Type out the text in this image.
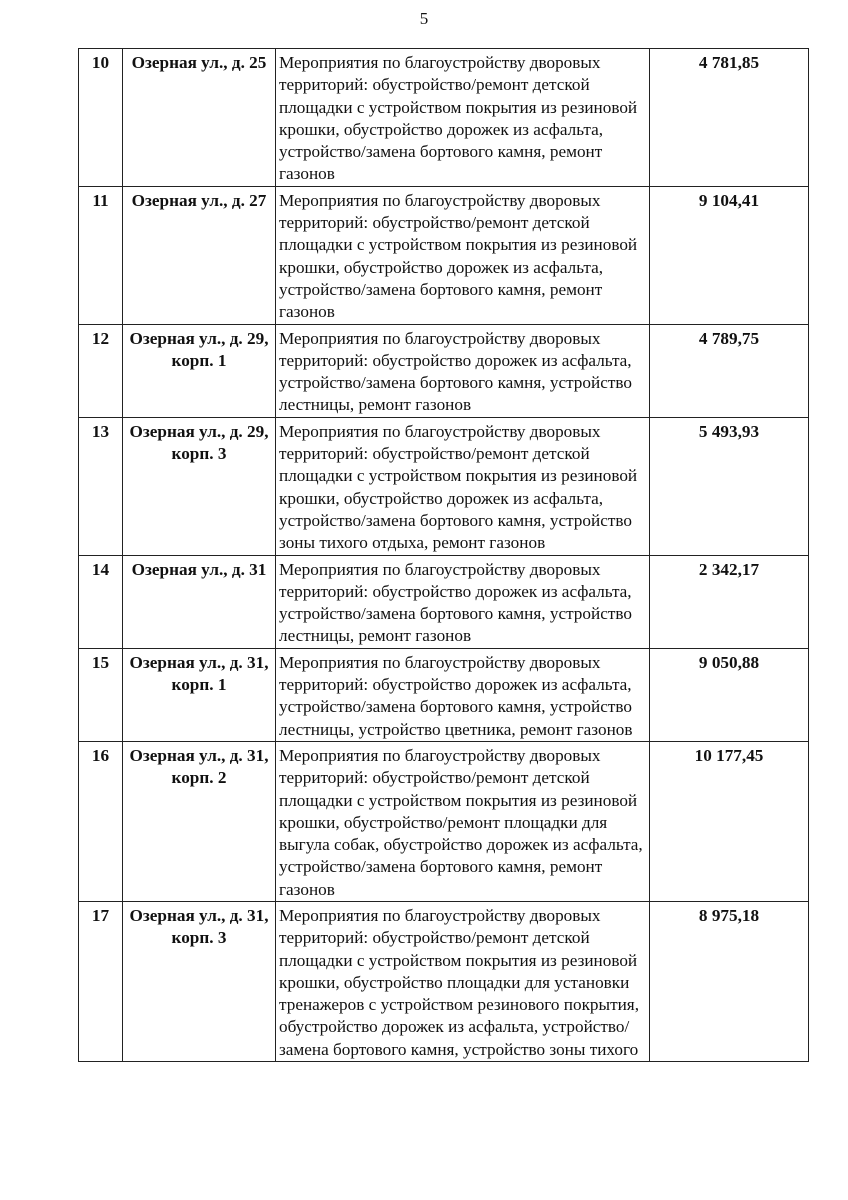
5
10	Озерная ул., д. 25	Мероприятия по благоустройству дворовых территорий: обустройство/ремонт детской площадки с устройством покрытия из резиновой крошки, обустройство дорожек из асфальта, устройство/замена бортового камня, ремонт газонов	4 781,85
11	Озерная ул., д. 27	Мероприятия по благоустройству дворовых территорий: обустройство/ремонт детской площадки с устройством покрытия из резиновой крошки, обустройство дорожек из асфальта, устройство/замена бортового камня, ремонт газонов	9 104,41
12	Озерная ул., д. 29, корп. 1	Мероприятия по благоустройству дворовых территорий: обустройство дорожек из асфальта, устройство/замена бортового камня, устройство лестницы, ремонт газонов	4 789,75
13	Озерная ул., д. 29, корп. 3	Мероприятия по благоустройству дворовых территорий: обустройство/ремонт детской площадки с устройством покрытия из резиновой крошки, обустройство дорожек из асфальта, устройство/замена бортового камня, устройство зоны тихого отдыха, ремонт газонов	5 493,93
14	Озерная ул., д. 31	Мероприятия по благоустройству дворовых территорий: обустройство дорожек из асфальта, устройство/замена бортового камня, устройство лестницы, ремонт газонов	2 342,17
15	Озерная ул., д. 31, корп. 1	Мероприятия по благоустройству дворовых территорий: обустройство дорожек из асфальта, устройство/замена бортового камня, устройство лестницы, устройство цветника, ремонт газонов	9 050,88
16	Озерная ул., д. 31, корп. 2	Мероприятия по благоустройству дворовых территорий: обустройство/ремонт детской площадки с устройством покрытия из резиновой крошки, обустройство/ремонт площадки для выгула собак, обустройство дорожек из асфальта, устройство/замена бортового камня, ремонт газонов	10 177,45
17	Озерная ул., д. 31, корп. 3	Мероприятия по благоустройству дворовых территорий: обустройство/ремонт детской площадки с устройством покрытия из резиновой крошки, обустройство площадки для установки тренажеров с устройством резинового покрытия, обустройство дорожек из асфальта, устройство/замена бортового камня, устройство зоны тихого	8 975,18
